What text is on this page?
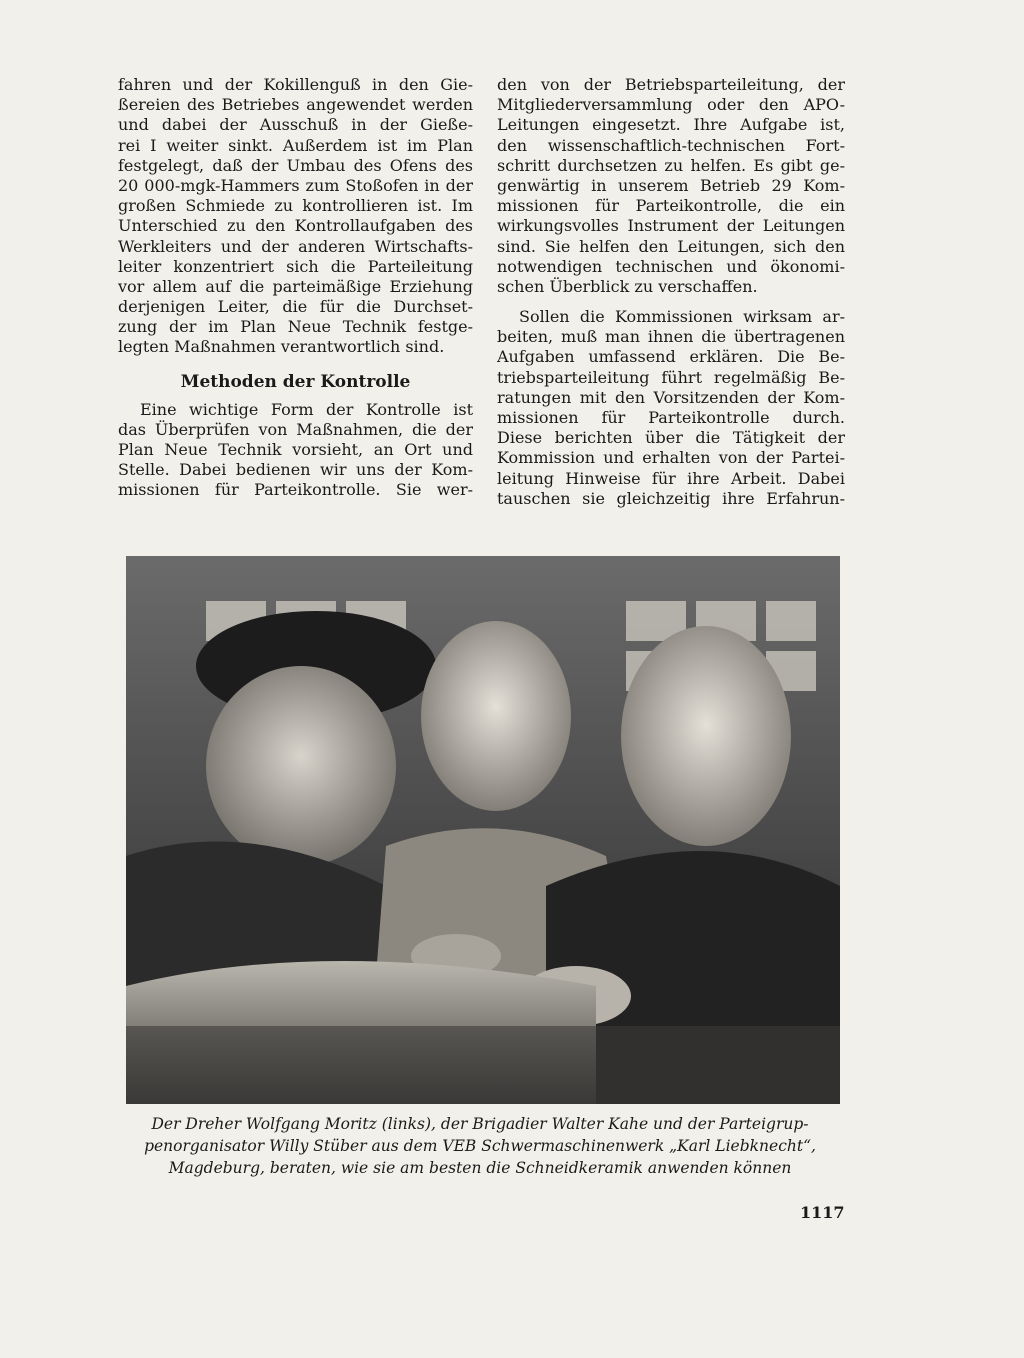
fahren und der Kokillenguß in den Gie-
ßereien des Betriebes angewendet werden
und dabei der Ausschuß in der Gieße-
rei I weiter sinkt. Außerdem ist im Plan
festgelegt, daß der Umbau des Ofens des
20 000-mgk-Hammers zum Stoßofen in der
großen Schmiede zu kontrollieren ist. Im
Unterschied zu den Kontrollaufgaben des
Werkleiters und der anderen Wirtschafts-
leiter konzentriert sich die Parteileitung
vor allem auf die parteimäßige Erziehung
derjenigen Leiter, die für die Durchset-
zung der im Plan Neue Technik festge-
legten Maßnahmen verantwortlich sind.
Methoden der Kontrolle
Eine wichtige Form der Kontrolle ist
das Überprüfen von Maßnahmen, die der
Plan Neue Technik vorsieht, an Ort und
Stelle. Dabei bedienen wir uns der Kom-
missionen für Parteikontrolle. Sie wer-
den von der Betriebsparteileitung, der
Mitgliederversammlung oder den APO-
Leitungen eingesetzt. Ihre Aufgabe ist,
den wissenschaftlich-technischen Fort-
schritt durchsetzen zu helfen. Es gibt ge-
genwärtig in unserem Betrieb 29 Kom-
missionen für Parteikontrolle, die ein
wirkungsvolles Instrument der Leitungen
sind. Sie helfen den Leitungen, sich den
notwendigen technischen und ökonomi-
schen Überblick zu verschaffen.
Sollen die Kommissionen wirksam ar-
beiten, muß man ihnen die übertragenen
Aufgaben umfassend erklären. Die Be-
triebsparteileitung führt regelmäßig Be-
ratungen mit den Vorsitzenden der Kom-
missionen für Parteikontrolle durch.
Diese berichten über die Tätigkeit der
Kommission und erhalten von der Partei-
leitung Hinweise für ihre Arbeit. Dabei
tauschen sie gleichzeitig ihre Erfahrun-
Der Dreher Wolfgang Moritz (links), der Brigadier Walter Kahe und der Parteigrup-
penorganisator Willy Stüber aus dem VEB Schwermaschinenwerk „Karl Liebknecht“,
Magdeburg, beraten, wie sie am besten die Schneidkeramik anwenden können
1117
